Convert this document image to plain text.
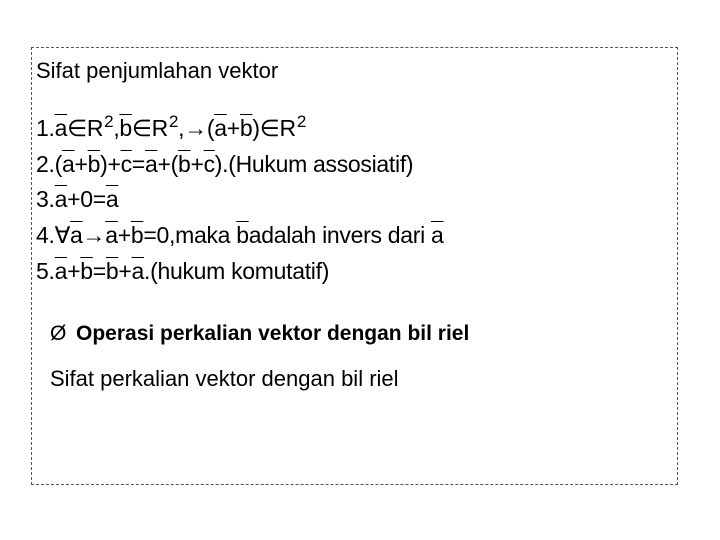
Sifat penjumlahan vektor
$1.\overline{a}\in R^2,\overline{b}\in R^2,\to(\overline{a}+\overline{b})\in R^2$
$2.(\overline{a}+\overline{b})+\overline{c}=\overline{a}+(\overline{b}+\overline{c}).(Hukum$ assosiatif)
$3.\overline{a}+0=\overline{a}$
$4.\forall\overline{a}\to\overline{a}+\overline{b}=0,maka$ $\overline{b}adalah$ invers dari $\overline{a}$
$5.\overline{a}+\overline{b}=\overline{b}+\overline{a}.(hukum$ komutatif)
Ø Operasi perkalian vektor dengan bil riel
Sifat perkalian vektor dengan bil riel
